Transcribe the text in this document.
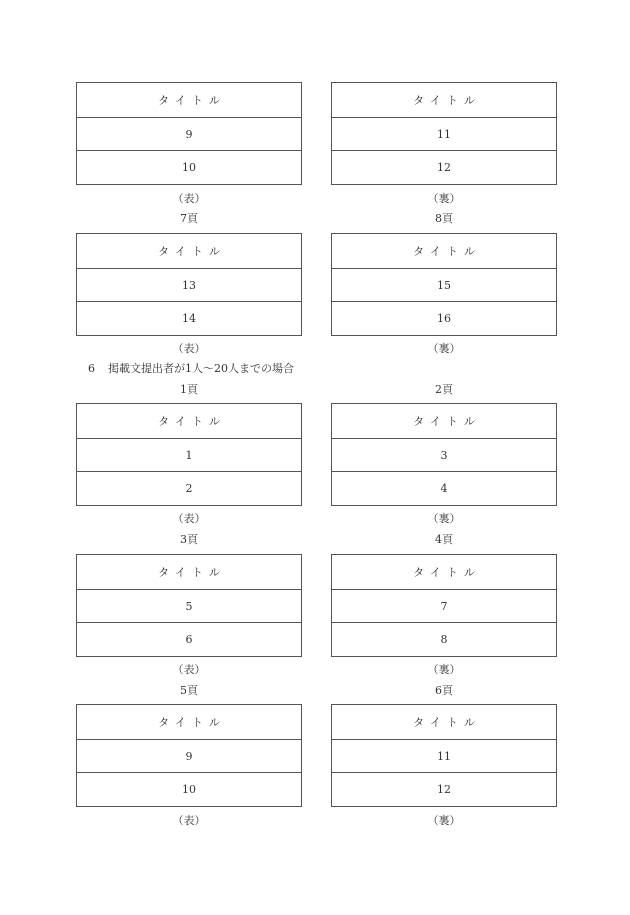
タイトル
9
10
（表）
タイトル
11
12
（裏）
7頁
タイトル
13
14
（表）
8頁
タイトル
15
16
（裏）
6 掲載文提出者が1人～20人までの場合
1頁
タイトル
1
2
（表）
2頁
タイトル
3
4
（裏）
3頁
タイトル
5
6
（表）
4頁
タイトル
7
8
（裏）
5頁
タイトル
9
10
（表）
6頁
タイトル
11
12
（裏）
